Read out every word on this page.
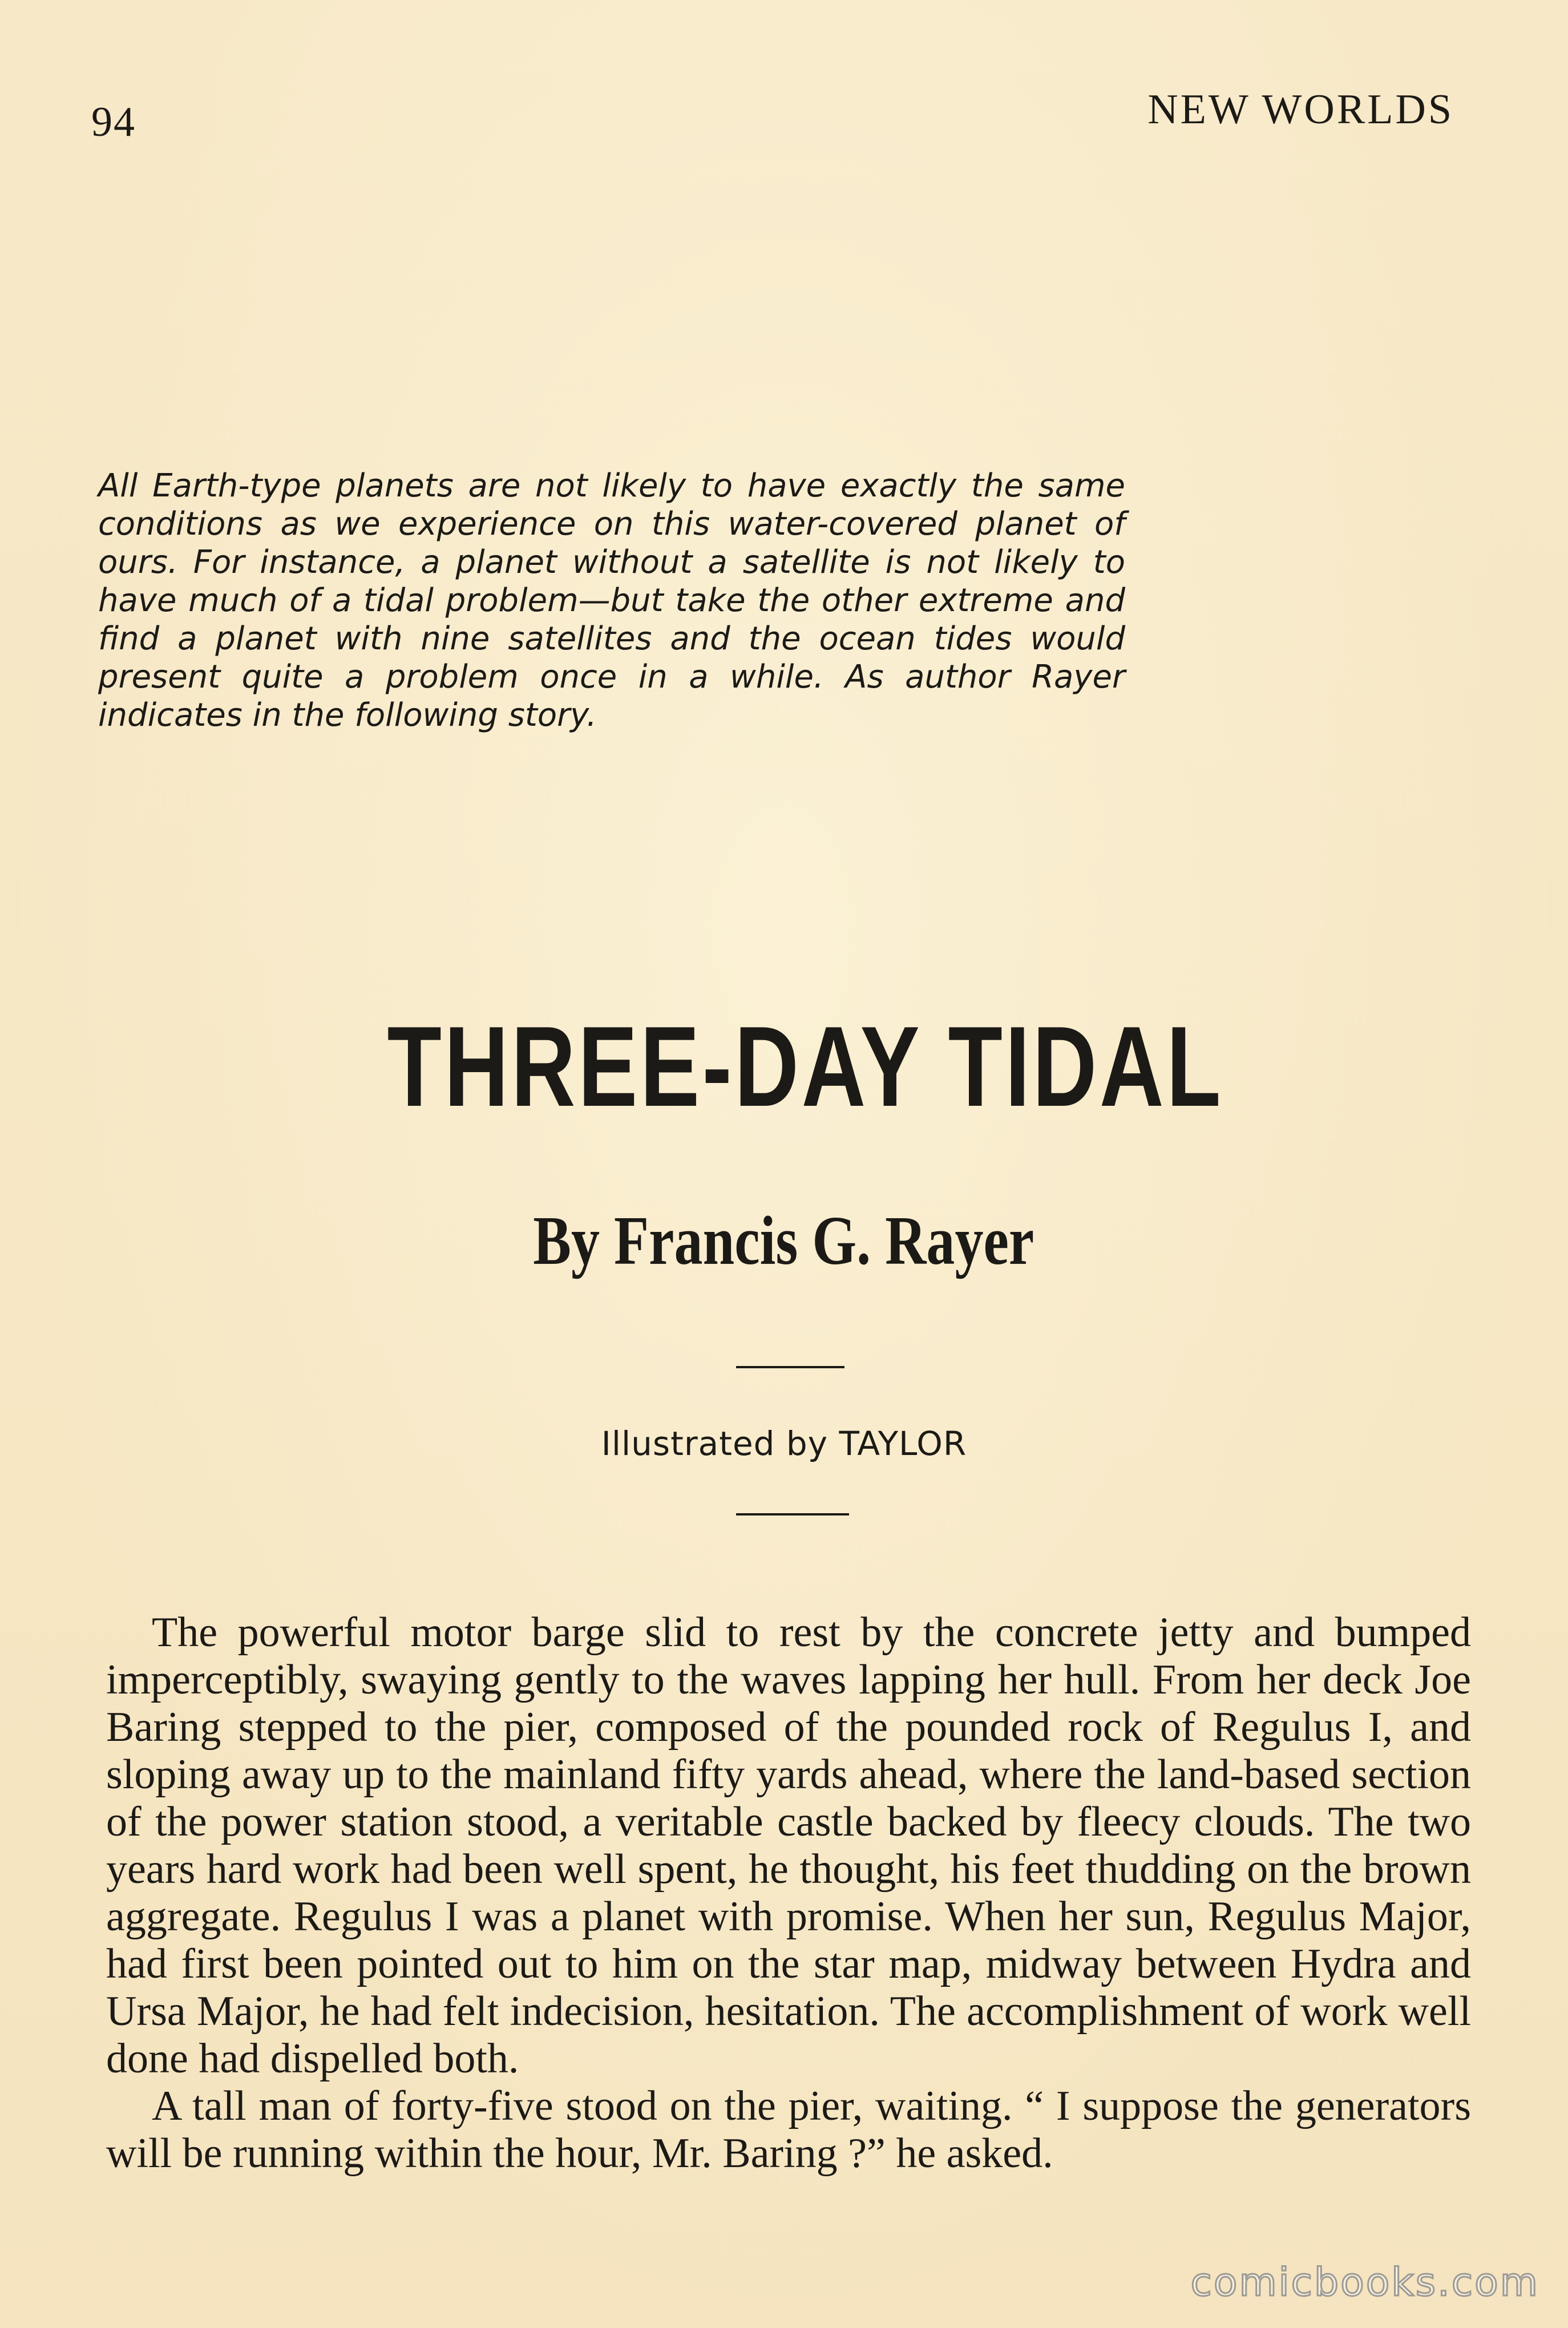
94	NEW WORLDS

All Earth-type planets are not likely to have exactly the same conditions as we experience on this water-covered planet of ours. For instance, a planet without a satellite is not likely to have much of a tidal problem—but take the other extreme and find a planet with nine satellites and the ocean tides would present quite a problem once in a while. As author Rayer indicates in the following story.

THREE-DAY TIDAL
By Francis G. Rayer

Illustrated by TAYLOR

The powerful motor barge slid to rest by the concrete jetty and bumped imperceptibly, swaying gently to the waves lapping her hull. From her deck Joe Baring stepped to the pier, composed of the pounded rock of Regulus I, and sloping away up to the mainland fifty yards ahead, where the land-based section of the power station stood, a veritable castle backed by fleecy clouds. The two years hard work had been well spent, he thought, his feet thudding on the brown aggregate. Regulus I was a planet with promise. When her sun, Regulus Major, had first been pointed out to him on the star map, midway between Hydra and Ursa Major, he had felt indecision, hesitation. The accomplishment of work well done had dispelled both.

A tall man of forty-five stood on the pier, waiting. “ I suppose the generators will be running within the hour, Mr. Baring ?” he asked.

comicbooks.com
